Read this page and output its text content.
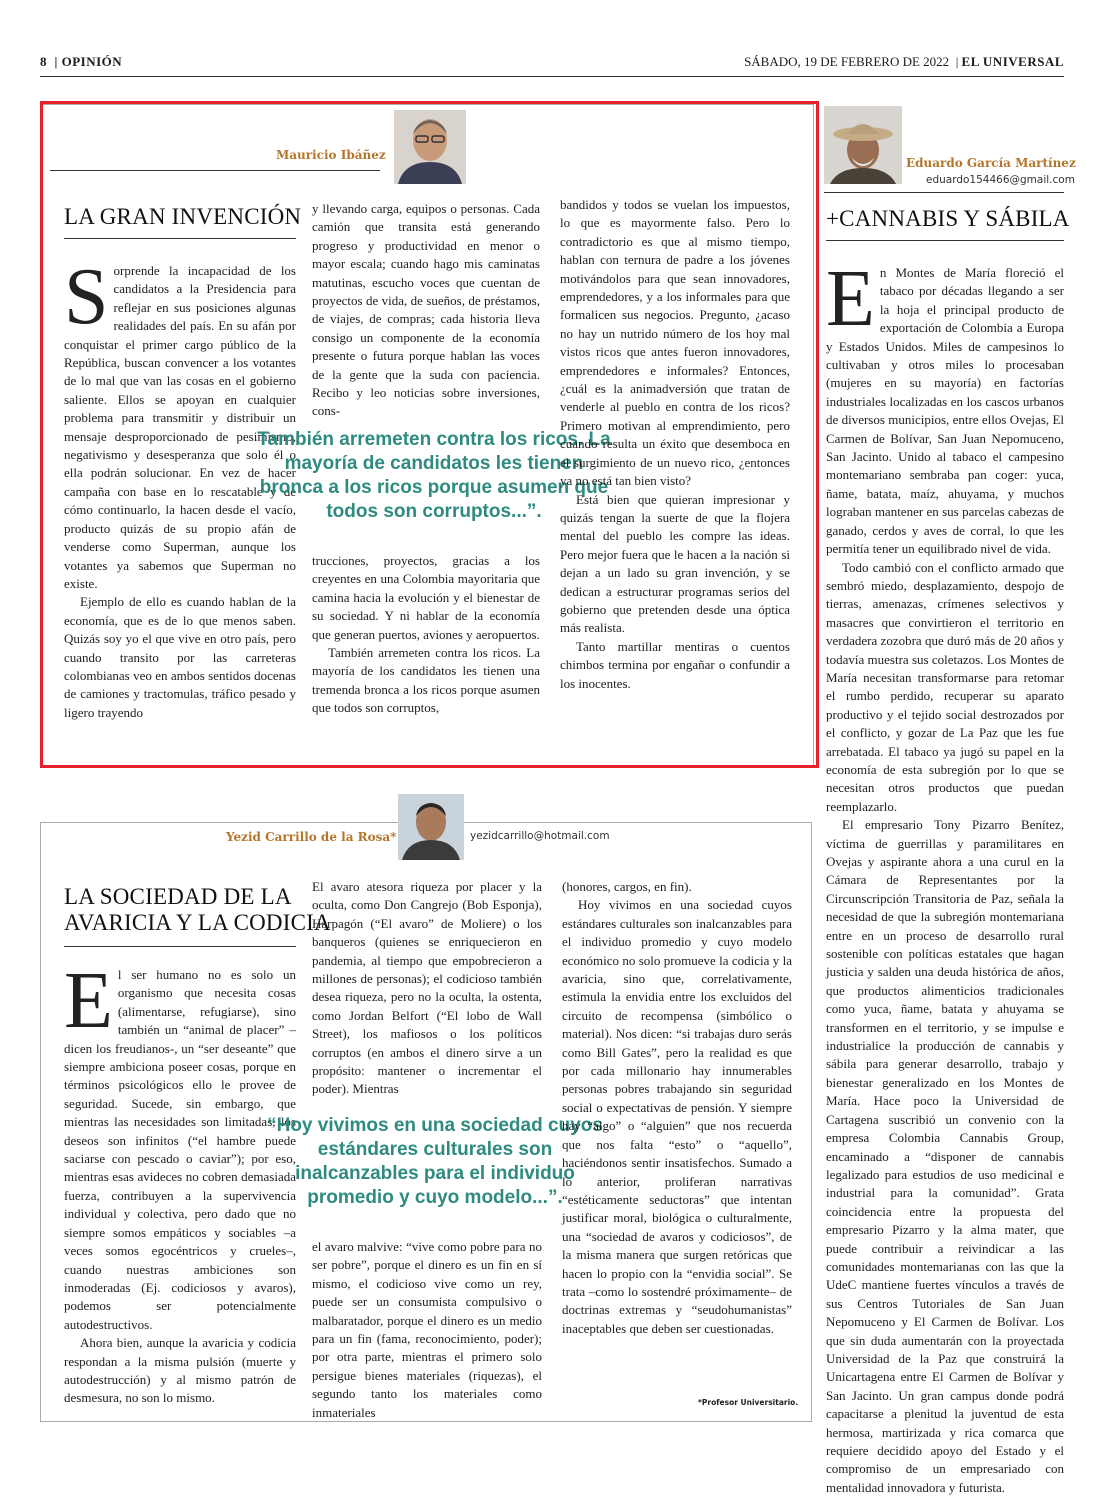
8  | OPINIÓN	SÁBADO, 19 DE FEBRERO DE 2022  | EL UNIVERSAL
Mauricio Ibáñez
LA GRAN INVENCIÓN
S orprende la incapacidad de los candidatos a la Presidencia para reflejar en sus posiciones algunas realidades del país. En su afán por conquistar el primer cargo público de la República, buscan convencer a los votantes de lo mal que van las cosas en el gobierno saliente. Ellos se apoyan en cualquier problema para transmitir y distribuir un mensaje desproporcionado de pesimismo, negativismo y desesperanza que solo él o ella podrán solucionar. En vez de hacer campaña con base en lo rescatable y de cómo continuarlo, la hacen desde el vacío, producto quizás de su propio afán de venderse como Superman, aunque los votantes ya sabemos que Superman no existe.

Ejemplo de ello es cuando hablan de la economía, que es de lo que menos saben. Quizás soy yo el que vive en otro país, pero cuando transito por las carreteras colombianas veo en ambos sentidos docenas de camiones y tractomulas, tráfico pesado y ligero trayendo

y llevando carga, equipos o personas. Cada camión que transita está generando progreso y productividad en menor o mayor escala; cuando hago mis caminatas matutinas, escucho voces que cuentan de proyectos de vida, de sueños, de préstamos, de viajes, de compras; cada historia lleva consigo un componente de la economía presente o futura porque hablan las voces de la gente que la suda con paciencia. Recibo y leo noticias sobre inversiones, cons-

También arremeten contra los ricos. La mayoría de candidatos les tienen bronca a los ricos porque asumen que todos son corruptos...”.

trucciones, proyectos, gracias a los creyentes en una Colombia mayoritaria que camina hacia la evolución y el bienestar de su sociedad. Y ni hablar de la economía que generan puertos, aviones y aeropuertos.

También arremeten contra los ricos. La mayoría de los candidatos les tienen una tremenda bronca a los ricos porque asumen que todos son corruptos,

bandidos y todos se vuelan los impuestos, lo que es mayormente falso. Pero lo contradictorio es que al mismo tiempo, hablan con ternura de padre a los jóvenes motivándolos para que sean innovadores, emprendedores, y a los informales para que formalicen sus negocios. Pregunto, ¿acaso no hay un nutrido número de los hoy mal vistos ricos que antes fueron innovadores, emprendedores e informales? Entonces, ¿cuál es la animadversión que tratan de venderle al pueblo en contra de los ricos? Primero motivan al emprendimiento, pero cuando resulta un éxito que desemboca en el surgimiento de un nuevo rico, ¿entonces ya no está tan bien visto?

Está bien que quieran impresionar y quizás tengan la suerte de que la flojera mental del pueblo les compre las ideas. Pero mejor fuera que le hacen a la nación si dejan a un lado su gran invención, y se dedican a estructurar programas serios del gobierno que pretenden desde una óptica más realista.

Tanto martillar mentiras o cuentos chimbos termina por engañar o confundir a los inocentes.

Yezid Carrillo de la Rosa*	yezidcarrillo@hotmail.com
LA SOCIEDAD DE LA
AVARICIA Y LA CODICIA
E l ser humano no es solo un organismo que necesita cosas (alimentarse, refugiarse), sino también un “animal de placer” –dicen los freudianos-, un “ser deseante” que siempre ambiciona poseer cosas, porque en términos psicológicos ello le provee de seguridad. Sucede, sin embargo, que mientras las necesidades son limitadas, los deseos son infinitos (“el hambre puede saciarse con pescado o caviar”); por eso, mientras esas avideces no cobren demasiada fuerza, contribuyen a la supervivencia individual y colectiva, pero dado que no siempre somos empáticos y sociables –a veces somos egocéntricos y crueles–, cuando nuestras ambiciones son inmoderadas (Ej. codiciosos y avaros), podemos ser potencialmente autodestructivos.

Ahora bien, aunque la avaricia y codicia respondan a la misma pulsión (muerte y autodestrucción) y al mismo patrón de desmesura, no son lo mismo.

El avaro atesora riqueza por placer y la oculta, como Don Cangrejo (Bob Esponja), Harpagón (“El avaro” de Moliere) o los banqueros (quienes se enriquecieron en pandemia, al tiempo que empobrecieron a millones de personas); el codicioso también desea riqueza, pero no la oculta, la ostenta, como Jordan Belfort (“El lobo de Wall Street), los mafiosos o los políticos corruptos (en ambos el dinero sirve a un propósito: mantener o incrementar el poder). Mientras

“Hoy vivimos en una sociedad cuyos estándares culturales son inalcanzables para el individuo promedio y cuyo modelo...”.

el avaro malvive: “vive como pobre para no ser pobre”, porque el dinero es un fin en sí mismo, el codicioso vive como un rey, puede ser un consumista compulsivo o malbaratador, porque el dinero es un medio para un fin (fama, reconocimiento, poder); por otra parte, mientras el primero solo persigue bienes materiales (riquezas), el segundo tanto los materiales como inmateriales

(honores, cargos, en fin).

Hoy vivimos en una sociedad cuyos estándares culturales son inalcanzables para el individuo promedio y cuyo modelo económico no solo promueve la codicia y la avaricia, sino que, correlativamente, estimula la envidia entre los excluidos del circuito de recompensa (simbólico o material). Nos dicen: “si trabajas duro serás como Bill Gates”, pero la realidad es que por cada millonario hay innumerables personas pobres trabajando sin seguridad social o expectativas de pensión. Y siempre hay “algo” o “alguien” que nos recuerda que nos falta “esto” o “aquello”, haciéndonos sentir insatisfechos. Sumado a lo anterior, proliferan narrativas “estéticamente seductoras” que intentan justificar moral, biológica o culturalmente, una “sociedad de avaros y codiciosos”, de la misma manera que surgen retóricas que hacen lo propio con la “envidia social”. Se trata –como lo sostendré próximamente– de doctrinas extremas y “seudohumanistas” inaceptables que deben ser cuestionadas.

*Profesor Universitario.
Eduardo García Martínez
eduardo154466@gmail.com
+CANNABIS Y SÁBILA
E n Montes de María floreció el tabaco por décadas llegando a ser la hoja el principal producto de exportación de Colombia a Europa y Estados Unidos. Miles de campesinos lo cultivaban y otros miles lo procesaban (mujeres en su mayoría) en factorías industriales localizadas en los cascos urbanos de diversos municipios, entre ellos Ovejas, El Carmen de Bolívar, San Juan Nepomuceno, San Jacinto. Unido al tabaco el campesino montemariano sembraba pan coger: yuca, ñame, batata, maíz, ahuyama, y muchos lograban mantener en sus parcelas cabezas de ganado, cerdos y aves de corral, lo que les permitía tener un equilibrado nivel de vida.

Todo cambió con el conflicto armado que sembró miedo, desplazamiento, despojo de tierras, amenazas, crímenes selectivos y masacres que convirtieron el territorio en verdadera zozobra que duró más de 20 años y todavía muestra sus coletazos. Los Montes de María necesitan transformarse para retomar el rumbo perdido, recuperar su aparato productivo y el tejido social destrozados por el conflicto, y gozar de La Paz que les fue arrebatada. El tabaco ya jugó su papel en la economía de esta subregión por lo que se necesitan otros productos que puedan reemplazarlo.

El empresario Tony Pizarro Benítez, víctima de guerrillas y paramilitares en Ovejas y aspirante ahora a una curul en la Cámara de Representantes por la Circunscripción Transitoria de Paz, señala la necesidad de que la subregión montemariana entre en un proceso de desarrollo rural sostenible con políticas estatales que hagan justicia y salden una deuda histórica de años, que productos alimenticios tradicionales como yuca, ñame, batata y ahuyama se transformen en el territorio, y se impulse e industrialice la producción de cannabis y sábila para generar desarrollo, trabajo y bienestar generalizado en los Montes de María. Hace poco la Universidad de Cartagena suscribió un convenio con la empresa Colombia Cannabis Group, encaminado a “disponer de cannabis legalizado para estudios de uso medicinal e industrial para la comunidad”. Grata coincidencia entre la propuesta del empresario Pizarro y la alma mater, que puede contribuir a reivindicar a las comunidades montemarianas con las que la UdeC mantiene fuertes vínculos a través de sus Centros Tutoriales de San Juan Nepomuceno y El Carmen de Bolívar. Los que sin duda aumentarán con la proyectada Universidad de la Paz que construirá la Unicartagena entre El Carmen de Bolívar y San Jacinto. Un gran campus donde podrá capacitarse a plenitud la juventud de esta hermosa, martirizada y rica comarca que requiere decidido apoyo del Estado y el compromiso de un empresariado con mentalidad innovadora y futurista.
